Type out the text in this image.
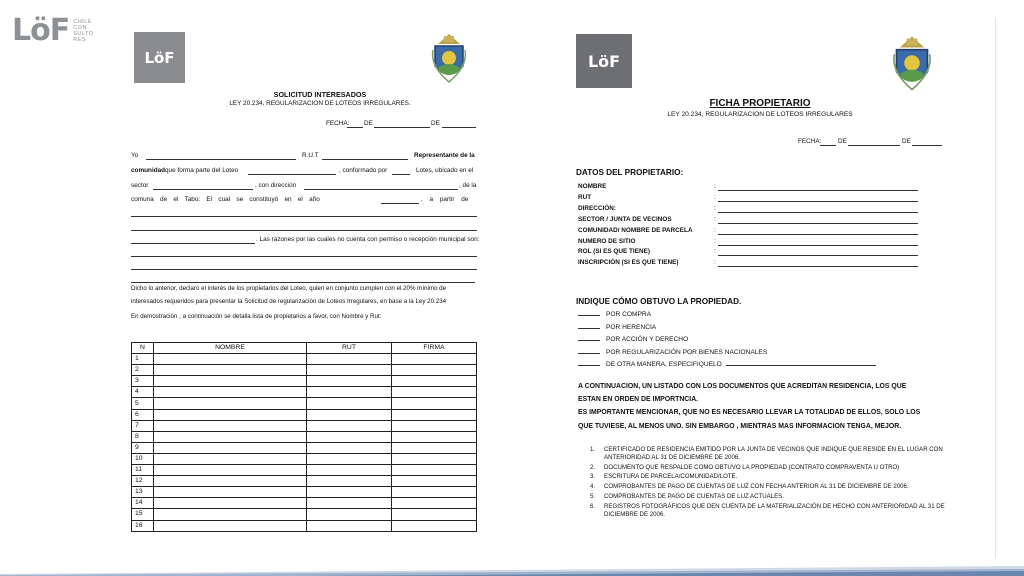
LöF CHILE
CON
SULTO
RES
LöF
SOLICITUD INTERESADOS
LEY 20.234, REGULARIZACION DE LOTEOS IRREGULARES.
FECHA: DE	DE
Yo	R.U.T	Representante de la
comunidad que forma parte del Loteo	, conformado por	Lotes, ubicado en el
sector	, con dirección	, de la
comuna de el Tabo: El cual se constituyó en el año	, a partir de
. Las razones por las cuales no cuenta con permiso o recepción municipal son:
Dicho lo anterior, declaro el interés de los propietarios del Loteo, quien en conjunto cumplen con el 20% mínimo de
interesados requeridos para presentar la Solicitud de regularización de Loteos Irregulares, en base a la Ley 20.234
En demostración , a continuación se detalla lista de propietarios a favor, con Nombre y Rut:
N	NOMBRE	RUT	FIRMA
1			
2			
3			
4			
5			
6			
7			
8			
9			
10			
11			
12			
13			
14			
15			
16			
LöF
FICHA PROPIETARIO
LEY 20.234, REGULARIZACION DE LOTEOS IRREGULARES
FECHA:	DE	DE
DATOS DEL PROPIETARIO:
NOMBRE	:
RUT	:
DIRECCIÓN:	:
SECTOR / JUNTA DE VECINOS	:
COMUNIDAD/ NOMBRE DE PARCELA	:
NUMERO DE SITIO	:
ROL (SI ES QUE TIENE)	:
INSCRIPCIÓN (SI ES QUE TIENE)	:
INDIQUE CÓMO OBTUVO LA PROPIEDAD.
POR COMPRA
POR HERENCIA
POR ACCIÓN Y DERECHO
POR REGULARIZACIÓN POR BIENES NACIONALES
DE OTRA MANERA, ESPECIFIQUELO
A CONTINUACION, UN LISTADO CON LOS DOCUMENTOS QUE ACREDITAN RESIDENCIA, LOS QUE
ESTAN EN ORDEN DE IMPORTNCIA.
ES IMPORTANTE MENCIONAR, QUE NO ES NECESARIO LLEVAR LA TOTALIDAD DE ELLOS, SOLO LOS
QUE TUVIESE, AL MENOS UNO. SIN EMBARGO , MIENTRAS MAS INFORMACION TENGA, MEJOR.
1. CERTIFICADO DE RESIDENCIA EMITIDO POR LA JUNTA DE VECINOS QUE INDIQUE QUE RESIDE EN EL LUGAR CON ANTERIORIDAD AL 31 DE DICIEMBRE DE 2006.
2. DOCUMENTO QUE RESPALDE COMO OBTUVO LA PROPIEDAD (CONTRATO COMPRAVENTA U OTRO)
3. ESCRITURA DE PARCELA/COMUNIDAD/LOTE.
4. COMPROBANTES DE PAGO DE CUENTAS DE LUZ CON FECHA ANTERIOR AL 31 DE DICIEMBRE DE 2006.
5. COMPROBANTES DE PAGO DE CUENTAS DE LUZ ACTUALES.
6. REGISTROS FOTOGRÁFICOS QUE DEN CUENTA DE LA MATERIALIZACIÓN DE HECHO CON ANTERIORIDAD AL 31 DE DICIEMBRE DE 2006.
